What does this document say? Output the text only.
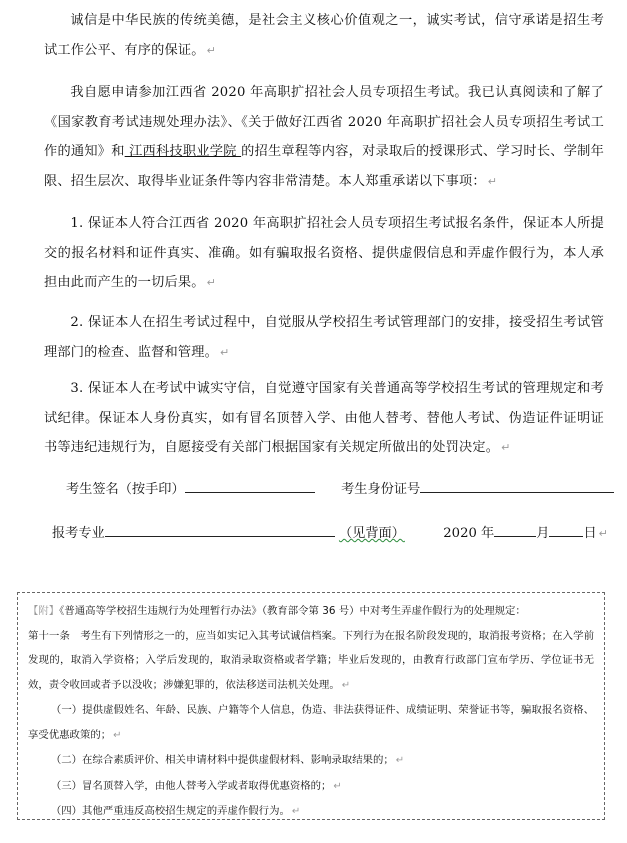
诚信是中华民族的传统美德，是社会主义核心价值观之一，诚实考试，信守承诺是招生考试工作公平、有序的保证。 ↵

我自愿申请参加江西省 2020 年高职扩招社会人员专项招生考试。我已认真阅读和了解了《国家教育考试违规处理办法》、《关于做好江西省 2020 年高职扩招社会人员专项招生考试工作的通知》和 江西科技职业学院 的招生章程等内容，对录取后的授课形式、学习时长、学制年限、招生层次、取得毕业证条件等内容非常清楚。本人郑重承诺以下事项： ↵

1. 保证本人符合江西省 2020 年高职扩招社会人员专项招生考试报名条件，保证本人所提交的报名材料和证件真实、准确。如有骗取报名资格、提供虚假信息和弄虚作假行为，本人承担由此而产生的一切后果。 ↵

2. 保证本人在招生考试过程中，自觉服从学校招生考试管理部门的安排，接受招生考试管理部门的检查、监督和管理。 ↵

3. 保证本人在考试中诚实守信，自觉遵守国家有关普通高等学校招生考试的管理规定和考试纪律。保证本人身份真实，如有冒名顶替入学、由他人替考、替他人考试、伪造证件证明证书等违纪违规行为，自愿接受有关部门根据国家有关规定所做出的处罚决定。 ↵

考生签名（按手印）	考生身份证号
报考专业	（见背面）	2020 年	月	日 ↵

【附】《普通高等学校招生违规行为处理暂行办法》（教育部令第 36 号）中对考生弄虚作假行为的处理规定：

第十一条　考生有下列情形之一的，应当如实记入其考试诚信档案。下列行为在报名阶段发现的，取消报考资格；在入学前发现的，取消入学资格；入学后发现的，取消录取资格或者学籍；毕业后发现的，由教育行政部门宣布学历、学位证书无效，责令收回或者予以没收；涉嫌犯罪的，依法移送司法机关处理。 ↵

（一）提供虚假姓名、年龄、民族、户籍等个人信息，伪造、非法获得证件、成绩证明、荣誉证书等，骗取报名资格、享受优惠政策的； ↵

（二）在综合素质评价、相关申请材料中提供虚假材料、影响录取结果的； ↵

（三）冒名顶替入学，由他人替考入学或者取得优惠资格的； ↵

（四）其他严重违反高校招生规定的弄虚作假行为。 ↵
